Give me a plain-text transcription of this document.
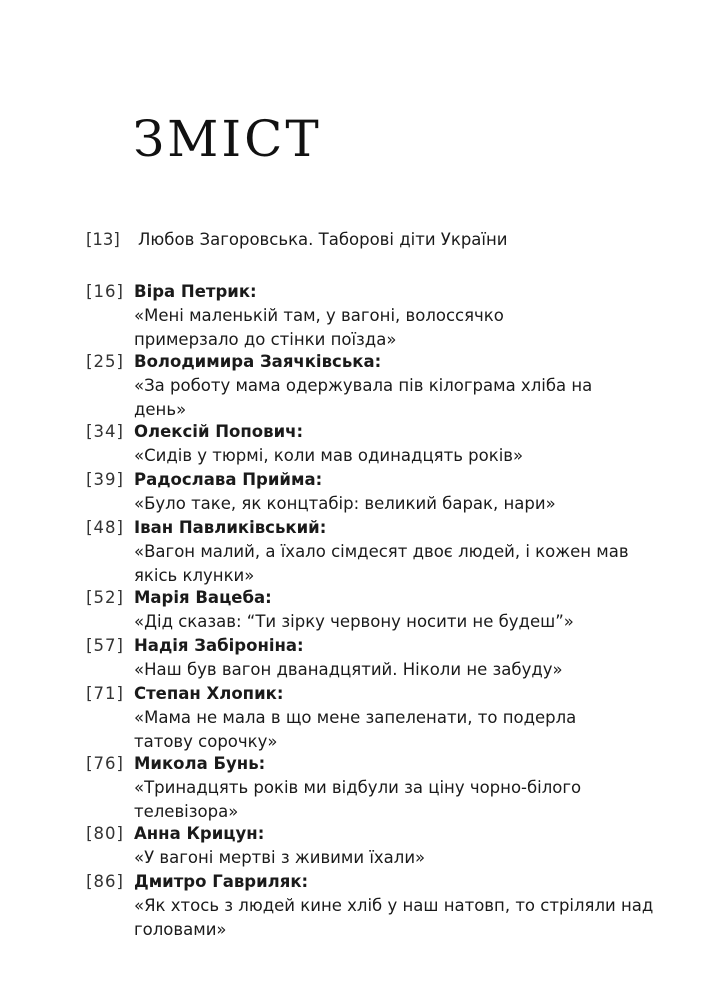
ЗМІСТ
[13] Любов Загоровська. Таборові діти України
[16] Віра Петрик:
«Мені маленькій там, у вагоні, волоссячко примерзало до стінки поїзда»
[25] Володимира Заячківська:
«За роботу мама одержувала пів кілограма хліба на день»
[34] Олексій Попович:
«Сидів у тюрмі, коли мав одинадцять років»
[39] Радослава Прийма:
«Було таке, як концтабір: великий барак, нари»
[48] Іван Павликівський:
«Вагон малий, а їхало сімдесят двоє людей, і кожен мав якісь клунки»
[52] Марія Вацеба:
«Дід сказав: “Ти зірку червону носити не будеш”»
[57] Надія Забіроніна:
«Наш був вагон дванадцятий. Ніколи не забуду»
[71] Степан Хлопик:
«Мама не мала в що мене запеленати, то подерла татову сорочку»
[76] Микола Бунь:
«Тринадцять років ми відбули за ціну чорно-білого телевізора»
[80] Анна Крицун:
«У вагоні мертві з живими їхали»
[86] Дмитро Гавриляк:
«Як хтось з людей кине хліб у наш натовп, то стріляли над головами»
